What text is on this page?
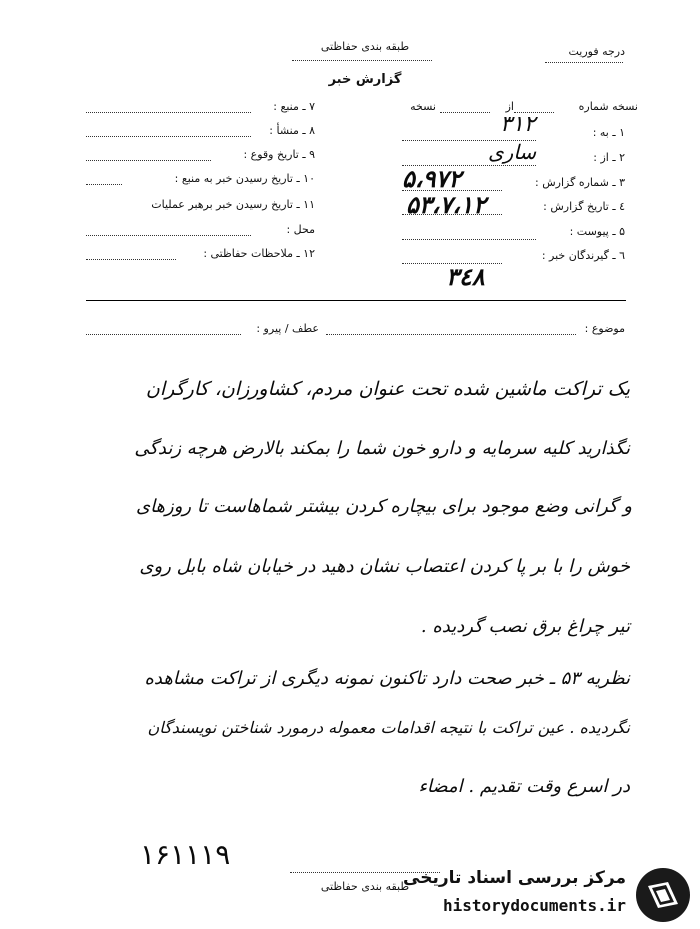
طبقه بندی حفاظتی	درجه فوریت
گزارش خبر
نسخه شماره
از
نسخه
۱ ـ به :
۳۱۲
۲ ـ از :
ساری
۳ ـ شماره گزارش :
۵،۹۷۲
٤ ـ تاریخ گزارش :
۵۳،۷،۱۲
۵ ـ پیوست :
٦ ـ گیرندگان خبر :
۳٤۸
۷ ـ منبع :
۸ ـ منشأ :
۹ ـ تاریخ وقوع :
۱۰ ـ تاریخ رسیدن خبر به منبع :
۱۱ ـ تاریخ رسیدن خبر برهبر عملیات
محل :
۱۲ ـ ملاحظات حفاظتی :
موضوع :
عطف / پیرو :
یک تراکت ماشین شده تحت عنوان مردم، کشاورزان، کارگران
نگذارید کلیه سرمایه و دارو خون شما را بمکند بالارض هرچه زندگی
و گرانی وضع موجود برای بیچاره کردن بیشتر شماهاست تا روزهای
خوش را با بر پا کردن اعتصاب نشان دهید در خیابان شاه بابل روی
تیر چراغ برق نصب گردیده .
نظریه ۵۳ ـ خبر صحت دارد تاکنون نمونه دیگری از تراکت مشاهده
نگردیده . عین تراکت با نتیجه اقدامات معموله درمورد شناختن نویسندگان
در اسرع وقت تقدیم . امضاء
۱۶۱۱۱۹
طبقه بندی حفاظتی
مرکز بررسی اسناد تاریخی
historydocuments.ir
